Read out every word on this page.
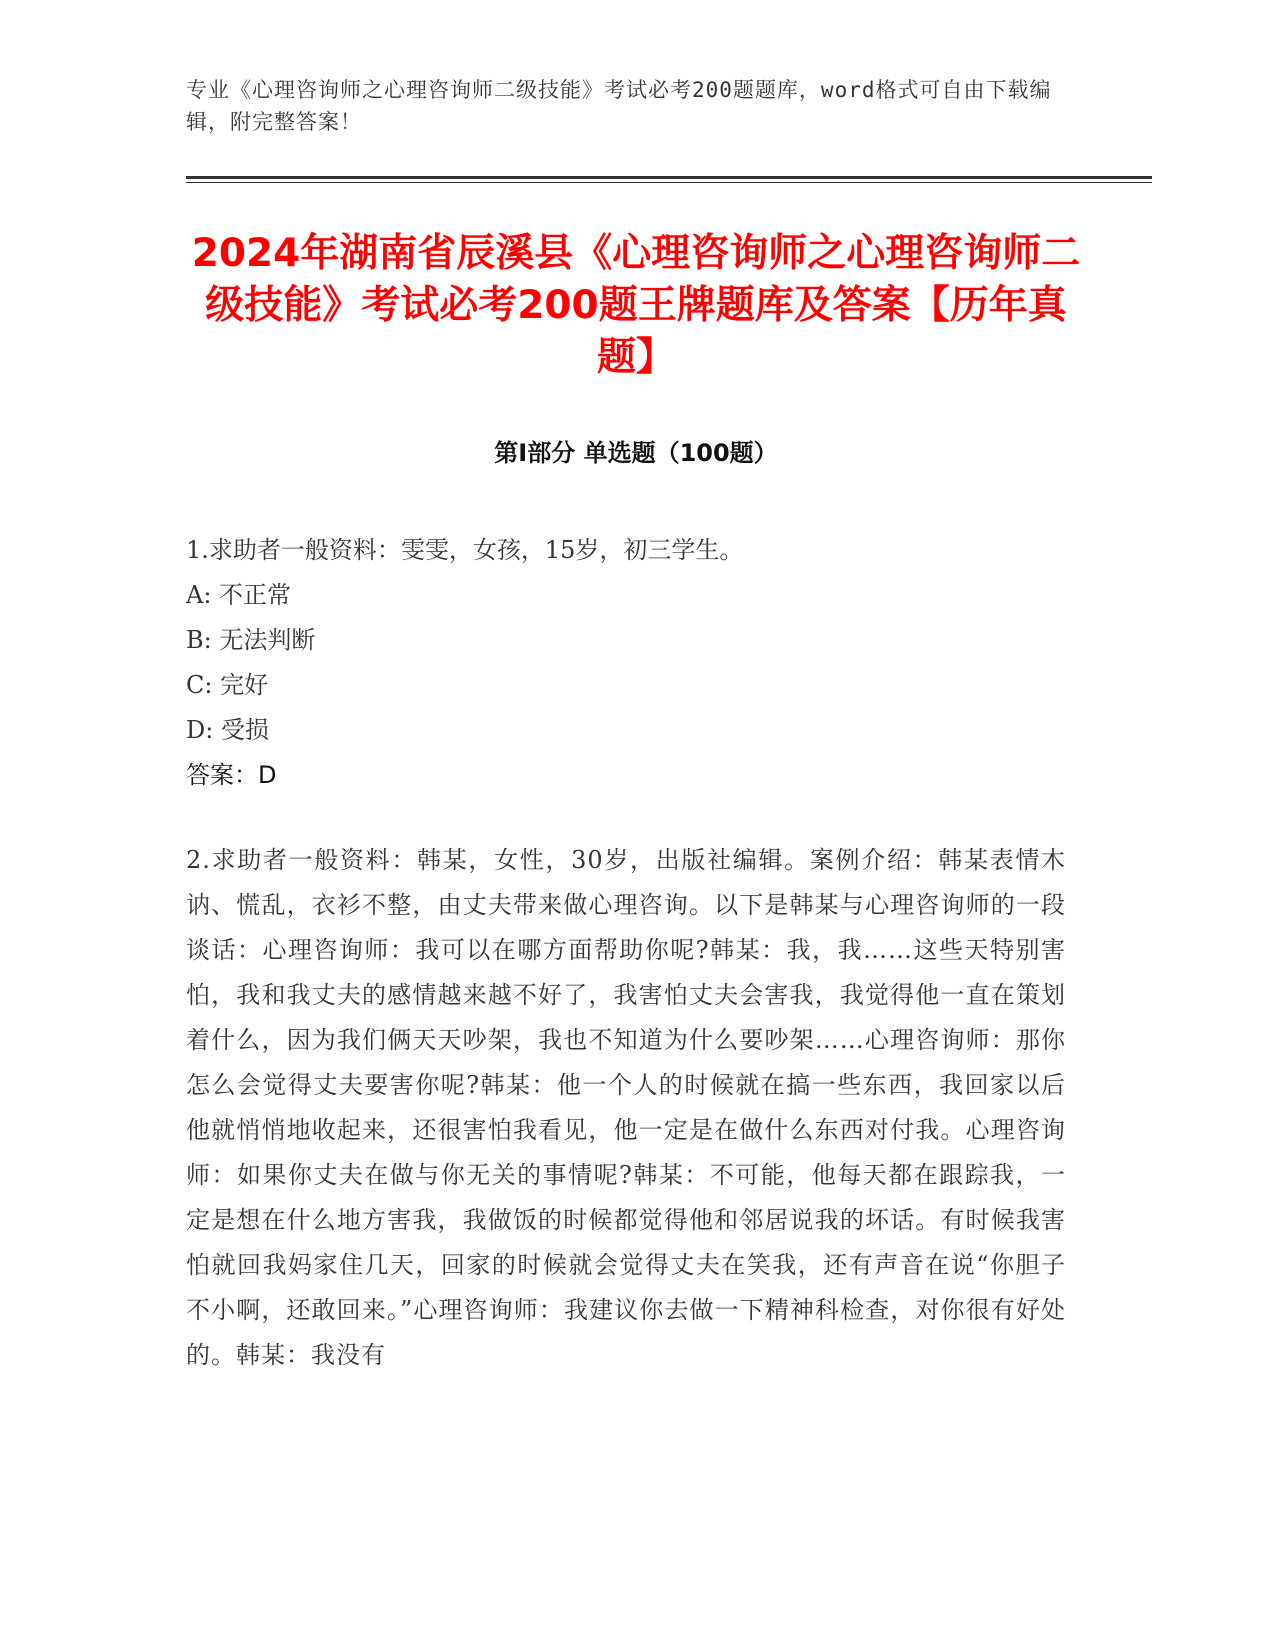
专业《心理咨询师之心理咨询师二级技能》考试必考200题题库，word格式可自由下载编辑，附完整答案！
2024年湖南省辰溪县《心理咨询师之心理咨询师二级技能》考试必考200题王牌题库及答案【历年真题】
第I部分 单选题（100题）
1.求助者一般资料：雯雯，女孩，15岁，初三学生。
A: 不正常
B: 无法判断
C: 完好
D: 受损
答案：D
2.求助者一般资料：韩某，女性，30岁，出版社编辑。案例介绍：韩某表情木讷、慌乱，衣衫不整，由丈夫带来做心理咨询。以下是韩某与心理咨询师的一段谈话：心理咨询师：我可以在哪方面帮助你呢?韩某：我，我……这些天特别害怕，我和我丈夫的感情越来越不好了，我害怕丈夫会害我，我觉得他一直在策划着什么，因为我们俩天天吵架，我也不知道为什么要吵架……心理咨询师：那你怎么会觉得丈夫要害你呢?韩某：他一个人的时候就在搞一些东西，我回家以后他就悄悄地收起来，还很害怕我看见，他一定是在做什么东西对付我。心理咨询师：如果你丈夫在做与你无关的事情呢?韩某：不可能，他每天都在跟踪我，一定是想在什么地方害我，我做饭的时候都觉得他和邻居说我的坏话。有时候我害怕就回我妈家住几天，回家的时候就会觉得丈夫在笑我，还有声音在说“你胆子不小啊，还敢回来。”心理咨询师：我建议你去做一下精神科检查，对你很有好处的。韩某：我没有
